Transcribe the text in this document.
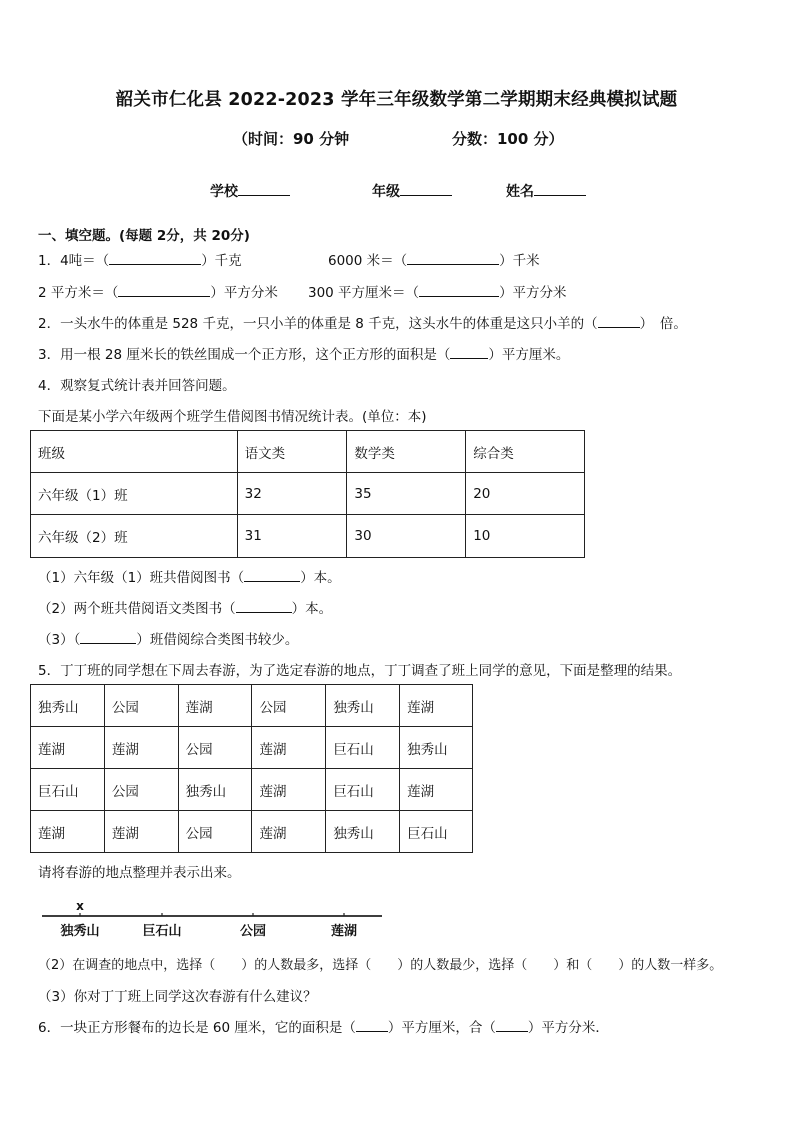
韶关市仁化县 2022-2023 学年三年级数学第二学期期末经典模拟试题
（时间：90 分钟	分数：100 分）
学校	年级	姓名
一、填空题。(每题 2分，共 20分)
1．4吨＝（	）千克	6000 米＝（	）千米
2 平方米＝（	）平方分米 300 平方厘米＝（	）平方分米
2．一头水牛的体重是 528 千克，一只小羊的体重是 8 千克，这头水牛的体重是这只小羊的（	）　倍。
3．用一根 28 厘米长的铁丝围成一个正方形，这个正方形的面积是（	）平方厘米。
4．观察复式统计表并回答问题。
下面是某小学六年级两个班学生借阅图书情况统计表。(单位：本)
班级	语文类	数学类	综合类
六年级（1）班	32	35	20
六年级（2）班	31	30	10
（1）六年级（1）班共借阅图书（	）本。
（2）两个班共借阅语文类图书（	）本。
（3）（	）班借阅综合类图书较少。
5．丁丁班的同学想在下周去春游，为了选定春游的地点，丁丁调查了班上同学的意见，下面是整理的结果。
独秀山	公园	莲湖	公园	独秀山	莲湖
莲湖	莲湖	公园	莲湖	巨石山	独秀山
巨石山	公园	独秀山	莲湖	巨石山	莲湖
莲湖	莲湖	公园	莲湖	独秀山	巨石山
请将春游的地点整理并表示出来。
x
独秀山	巨石山	公园	莲湖
（2）在调查的地点中，选择（　　）的人数最多，选择（　　）的人数最少，选择（　　）和（　　）的人数一样多。
（3）你对丁丁班上同学这次春游有什么建议？
6．一块正方形餐布的边长是 60 厘米，它的面积是（ ）平方厘米，合（ ）平方分米．
